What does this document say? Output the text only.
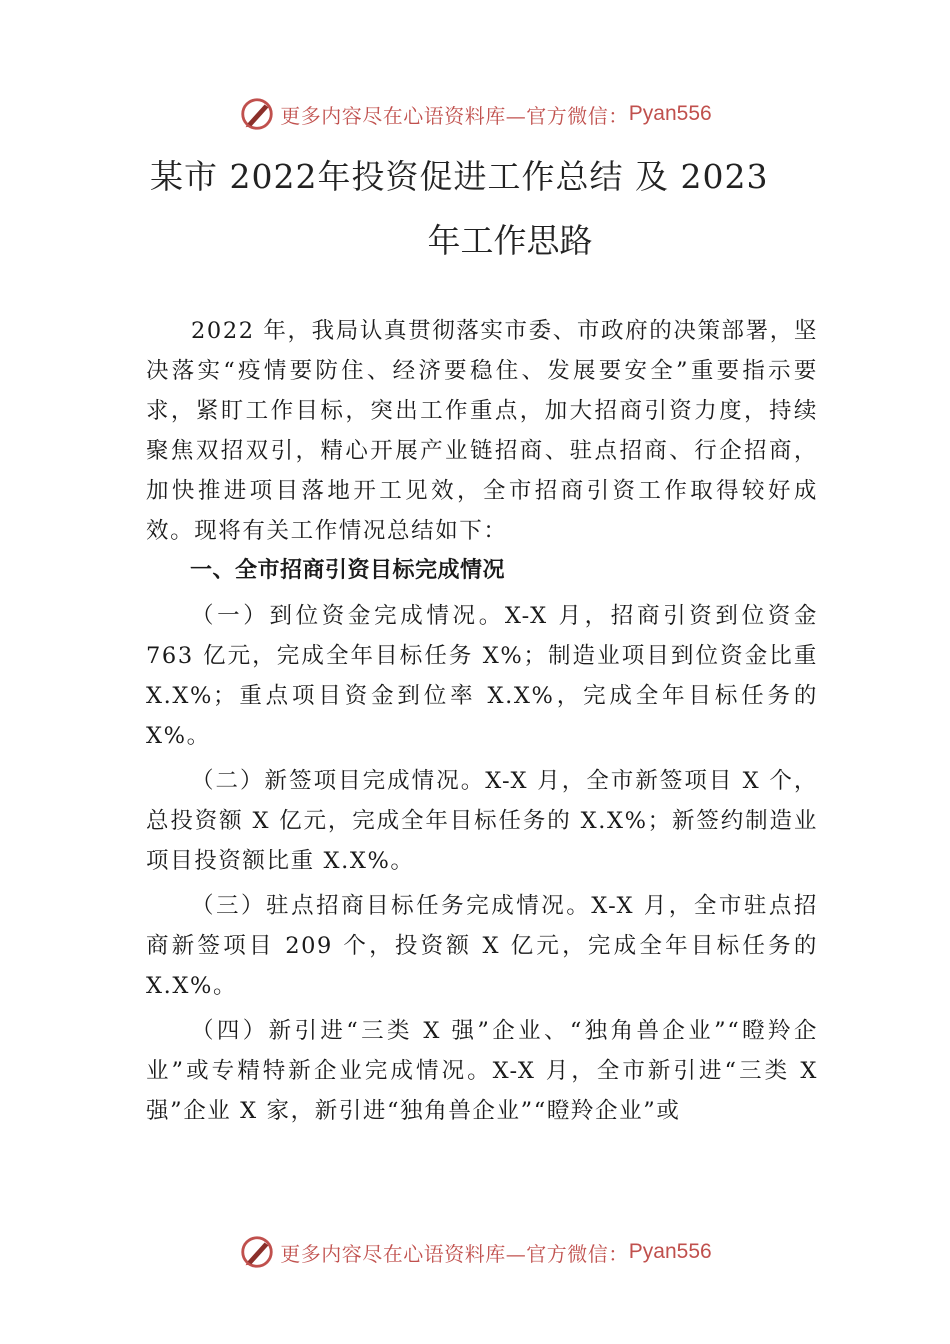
更多内容尽在心语资料库—官方微信： Pyan556
某市 2022年投资促进工作总结 及 2023
年工作思路

2022 年，我局认真贯彻落实市委、市政府的决策部署，坚决落实“疫情要防住、经济要稳住、发展要安全”重要指示要求，紧盯工作目标，突出工作重点，加大招商引资力度，持续聚焦双招双引，精心开展产业链招商、驻点招商、行企招商，加快推进项目落地开工见效，全市招商引资工作取得较好成效。现将有关工作情况总结如下：

一、全市招商引资目标完成情况

（一）到位资金完成情况。X-X 月，招商引资到位资金 763 亿元，完成全年目标任务 X%；制造业项目到位资金比重 X.X%；重点项目资金到位率 X.X%，完成全年目标任务的 X%。

（二）新签项目完成情况。X-X 月，全市新签项目 X 个，总投资额 X 亿元，完成全年目标任务的 X.X%；新签约制造业项目投资额比重 X.X%。

（三）驻点招商目标任务完成情况。X-X 月，全市驻点招商新签项目 209 个，投资额 X 亿元，完成全年目标任务的 X.X%。

（四）新引进“三类 X 强”企业、“独角兽企业”“瞪羚企业”或专精特新企业完成情况。X-X 月，全市新引进“三类 X 强”企业 X 家，新引进“独角兽企业”“瞪羚企业”或

更多内容尽在心语资料库—官方微信： Pyan556
